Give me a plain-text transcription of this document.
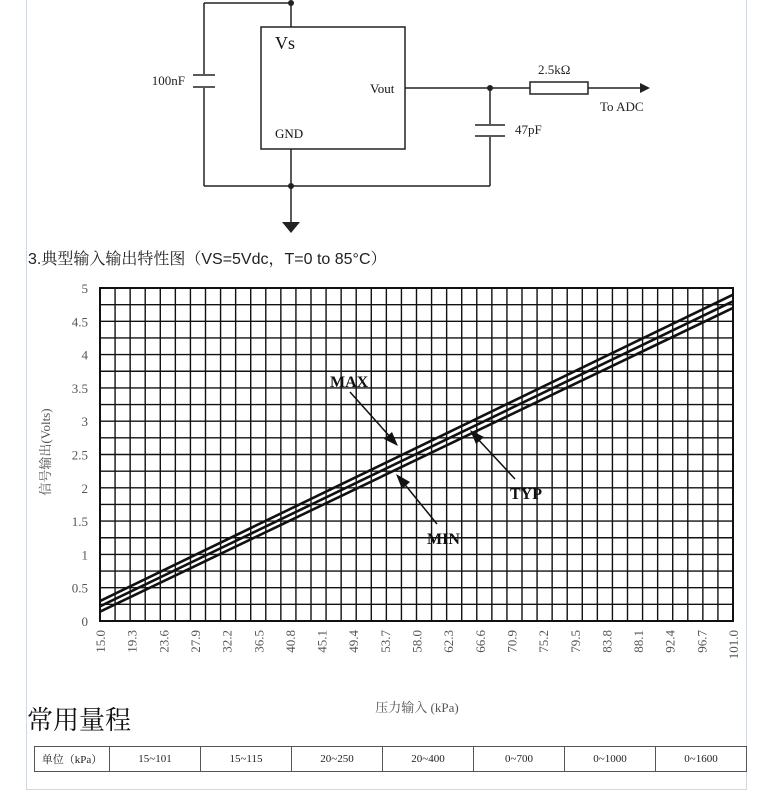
100nF
Vs
Vout
GND
2.5kΩ
To ADC
47pF
3.典型输入输出特性图（VS=5Vdc，T=0 to 85°C）
0
0.5
1
1.5
2
2.5
3
3.5
4
4.5
5
15.0 19.3 23.6 27.9 32.2 36.5 40.8 45.1 49.4 53.7 58.0 62.3 66.6 70.9 75.2 79.5 83.8 88.1 92.4 96.7 101.0
信号输出(Volts)
压力输入 (kPa)
MAX
TYP
MIN
常用量程
单位（kPa）	15~101	15~115	20~250	20~400	0~700	0~1000	0~1600
